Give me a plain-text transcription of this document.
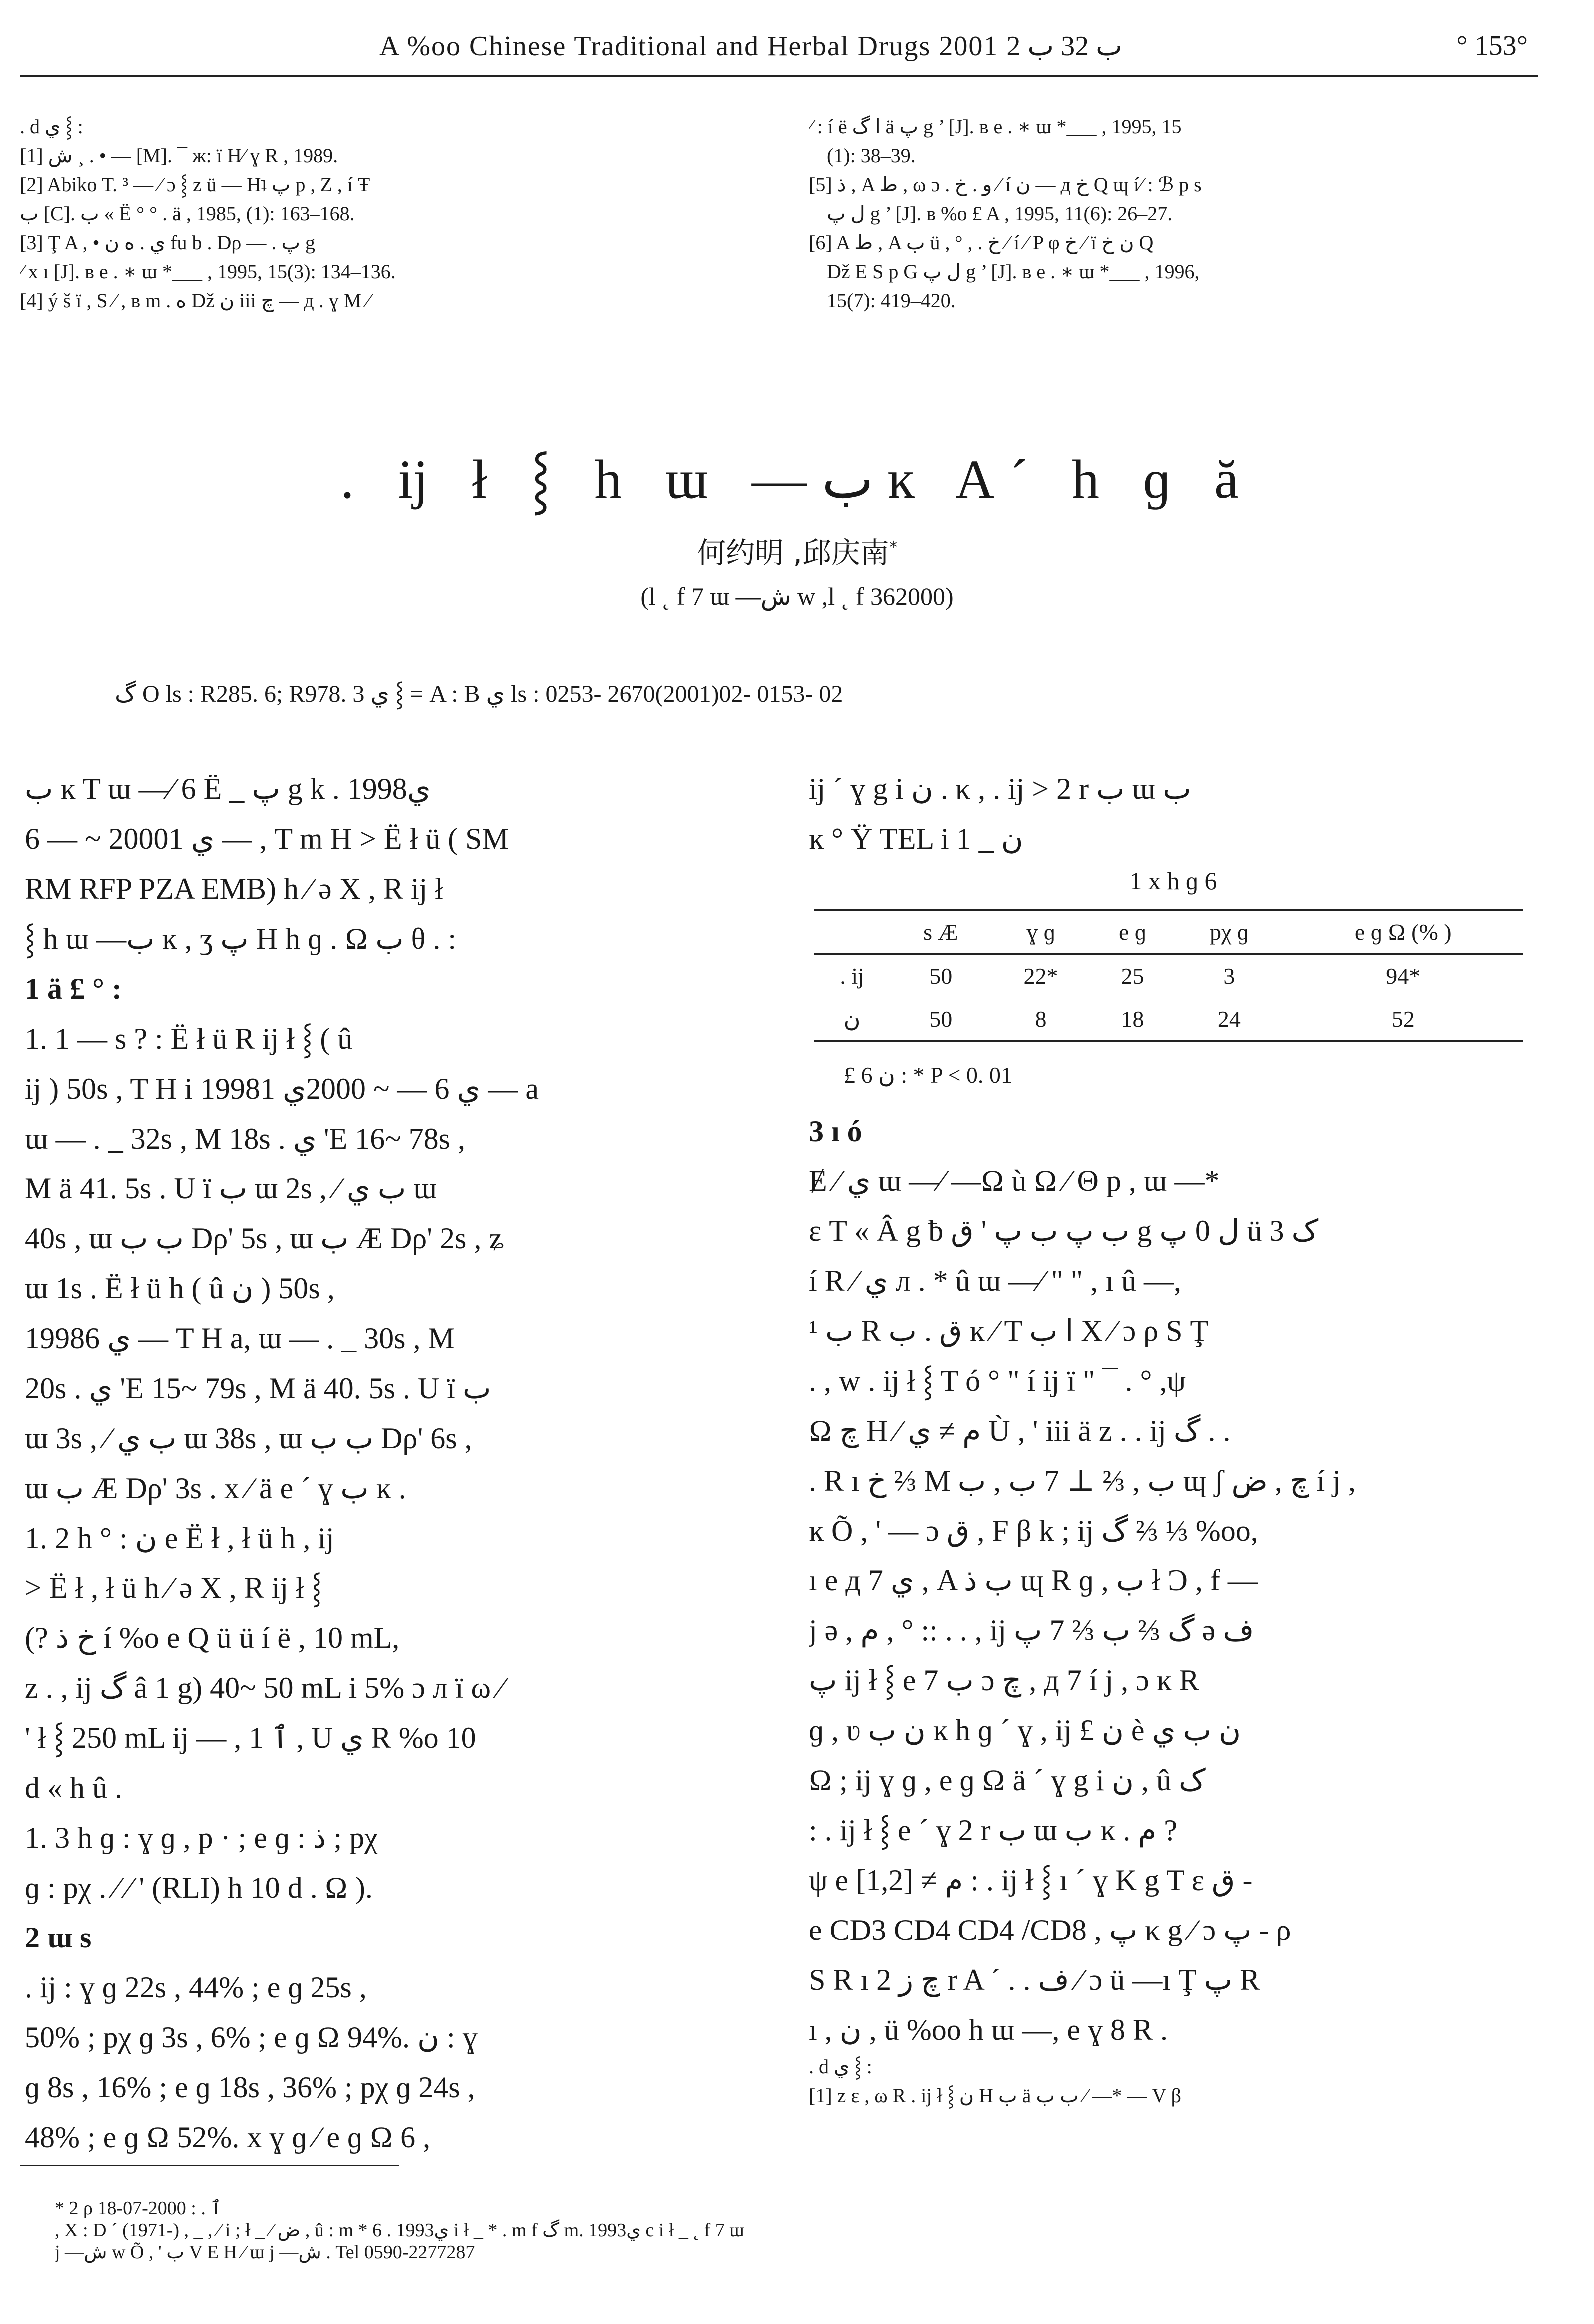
A %oo Chinese Traditional and Herbal Drugs 2001 ب 32 ب 2	° 153°

. d ي ⸾ :

[1] ش ¸ . • — [M]. ¯ ж: ï H⁄ ɣ R , 1989.

[2] Abiko T. ³ — ⁄ ɔ ⸾ z ü — Hʇ پ p , Z , í Ŧ

ب [C]. ب « Ë ° ° . ä , 1985, (1): 163–168.

[3] Ţ A , • ي . ه ن fu b . Dρ — . پ g

⁄ x ı [J]. в е . ∗ ɯ *___ , 1995, 15(3): 134–136.

[4] ý š ï , S ⁄ , в m . ه Dž ن iii چ — д . ɣ M ⁄

⁄ : í ë ا گ ä پ g ’ [J]. в е . ∗ ɯ *___ , 1995, 15

(1): 38–39.

[5] ذ , A ط , ω ɔ . و . خ ⁄ í ن — д خ Q ɰ í⁄ : ℬ p s

ل پ g ’ [J]. в %o £ A , 1995, 11(6): 26–27.

[6] A ط , A ب ü , ° , . خ ⁄ í ⁄ P φ خ ⁄ ï ن خ Q

Dž E S p G ل پ g ’ [J]. в е . ∗ ɯ *___ , 1996,

15(7): 419–420.

. ĳ ł ⸾ h ɯ —ب ĸ A´ h ɡ ă
何约明 ,邱庆南*
(l ˛ f 7 ɯ —ش w ,l ˛ f 362000)
گ O ls : R285. 6; R978. 3 ي ⸾ = A : B ي ls : 0253- 2670(2001)02- 0153- 02

ب ĸ T ɯ —⁄ 6 Ë _ پ g k . 1998ي

6 — ~ 2000ي 1 — , T m H > Ë ł ü ( SM

RM RFP PZA EMB) h ⁄ ə X , R ĳ ł

⸾ h ɯ —ب ĸ , ʒ پ H h ɡ . Ω ب θ . :

1 ä £ ° :

1. 1 — s ? : Ë ł ü R ĳ ł ⸾ ( û

ĳ ) 50s , T H i 1998ي 6 — ~ 2000ي 1 — a

ɯ — . _ 32s , M 18s . ي 'E 16~ 78s ,

M ä 41. 5s . U ï ب ɯ 2s , ⁄ ب ي ɯ

40s , ɯ ب ب Dρ' 5s , ɯ ب Æ Dρ' 2s , ʑ

ɯ 1s . Ë ł ü h ( û ن ) 50s ,

1998ي 6 — T H a, ɯ — . _ 30s , M

20s . ي 'E 15~ 79s , M ä 40. 5s . U ï ب

ɯ 3s , ⁄ ب ي ɯ 38s , ɯ ب ب Dρ' 6s ,

ɯ ب Æ Dρ' 3s . x ⁄ ä e ´ ɣ ب ĸ .

1. 2 h ° : ن e Ë ł , ł ü h , ĳ

> Ë ł , ł ü h ⁄ ə X , R ĳ ł ⸾

(? خ ذ í %o e Q ü ü í ë , 10 mL,

z . , ĳ گ â 1 g) 40~ 50 mL i 5% ɔ л ï ω ⁄

' ł ⸾ 250 mL ĳ — , ٱ 1 , U ي R %o 10

d « h û .

1. 3 h ɡ : ɣ ɡ , p · ; e ɡ : ذ ; pχ

ɡ : pχ . ⁄ ⁄ ' (RLI) h 10 d . Ω ).

2 ɯ s

. ĳ : ɣ ɡ 22s , 44% ; e ɡ 25s ,

50% ; pχ ɡ 3s , 6% ; e ɡ Ω 94%. ن : ɣ

ɡ 8s , 16% ; e ɡ 18s , 36% ; pχ ɡ 24s ,

48% ; e ɡ Ω 52%. x ɣ ɡ ⁄ e ɡ Ω 6 ,

ĳ ´ ɣ g i ن . κ , . ĳ > 2 r ب ɯ ب

ĸ ° Ÿ TEL i ن _ 1

1 x h ɡ 6
	s Æ	ɣ ɡ	e ɡ	pχ ɡ	e ɡ Ω (% )
. ĳ	50	22*	25	3	94*
ن	50	8	18	24	52
£ ن 6 : * P < 0. 01

3 ı ó

Ɇ ⁄ ي ɯ —⁄ —Ω ù Ω ⁄ Θ p , ɯ —*

ε T « Â g ƀ ب پ ب پ ' ق g ل 0 پ ü 3 ک

í R ⁄ ي л . * û ɯ —⁄ " " , ı û —,

¹ ب R ق . ب ĸ ⁄ T ا ب X ⁄ ɔ ρ S Ţ

. , w . ĳ ł ⸾ T ó ° " í ĳ ï " ¯ . ° ,ψ

Ω چ H ⁄ م ≠ ي Ù , ' iii ä z . . ĳ گ . .

. R ı خ ⅔ M ب , ⅔ ⊥ 7 ب , ب ɰ ʃ چ , ض í j ,

ĸ Õ , ' — ɔ ق , F β k ; ĳ گ ⅔ ⅓ %oo,

ı e д 7 ي , A ب ذ ɰ R ɡ , ب ł Ɔ , f —

j ə , م , ° :: . . , ĳ گ ⅔ ب ⅔ 7 پ ə ف

پ ĳ ł ⸾ e 7 ب ɔ چ , д 7 í j , ɔ ĸ R

ɡ , ʋ ن ب ĸ h ɡ ´ ɣ , ĳ £ ن è ن ب ي

Ω ; ĳ ɣ ɡ , e ɡ Ω ä ´ ɣ g i ن , û ک

: . ĳ ł ⸾ e ´ ɣ 2 r ب ɯ ب ĸ . م ?

ψ e م ≠ [1,2] : . ĳ ł ⸾ ı ´ ɣ K g T ε ق -

e CD3 CD4 CD4 /CD8 , پ κ g ⁄ ɔ پ - ρ

S R ı چ ز 2 r A ´ . . ف ⁄ ɔ ü —ı Ţ پ R

ı , ن , ü %oo h ɯ —, e ɣ 8 R .

. d ي ⸾ :

[1] z ε , ω R . ĳ ł ⸾ ن H ب ä ب ب ⁄ —* — V β

* 2 ρ ٱ . : 2000-07-18

, X : D ´ (1971-) , _ , ⁄ i ; ł _ ⁄ ض , û : m * 6 . 1993ي i ł _ * . m f گ m. 1993ي c i ł _ ˛ f 7 ɯ

j —ش w Õ , ' ب V E H ⁄ ɯ j —ش . Tel 0590-2277287
